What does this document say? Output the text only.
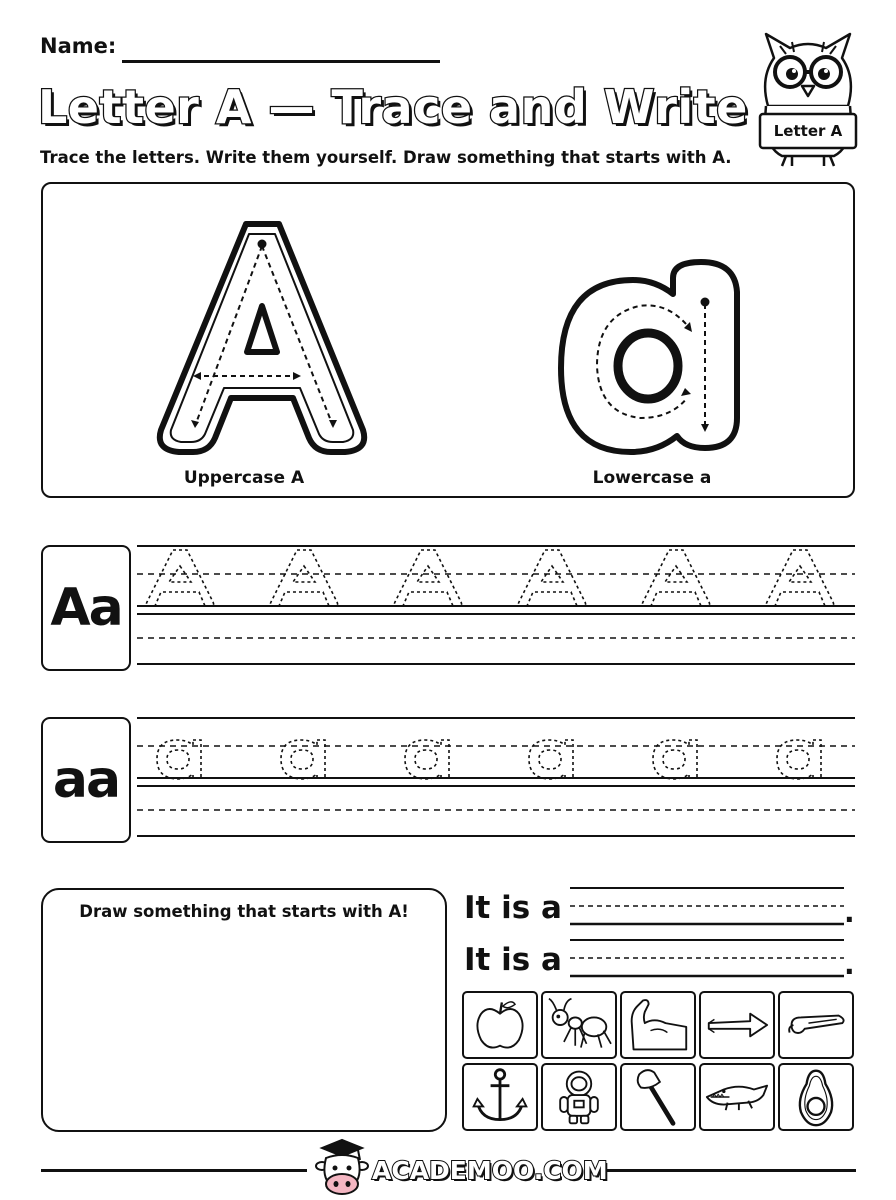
Name:
Letter A — Trace and Write
Trace the letters. Write them yourself. Draw something that starts with A.
Letter A
Uppercase A	Lowercase a
Aa
aa
Draw something that starts with A!	It is a	.
It is a	.
ACADEMOO.COM
